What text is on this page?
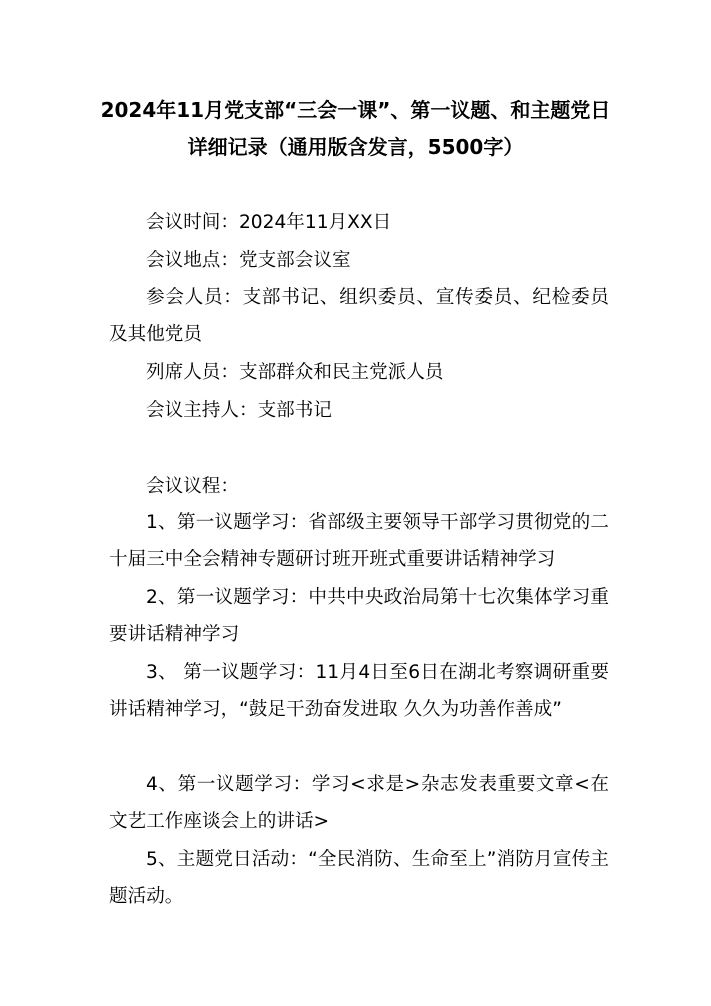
2024年11月党支部“三会一课”、第一议题、和主题党日
详细记录（通用版含发言，5500字）
会议时间：2024年11月XX日
会议地点：党支部会议室
参会人员：支部书记、组织委员、宣传委员、纪检委员及其他党员
列席人员：支部群众和民主党派人员
会议主持人：支部书记
会议议程：
1、第一议题学习：省部级主要领导干部学习贯彻党的二十届三中全会精神专题研讨班开班式重要讲话精神学习
2、第一议题学习：中共中央政治局第十七次集体学习重要讲话精神学习
3、 第一议题学习：11月4日至6日在湖北考察调研重要讲话精神学习，“鼓足干劲奋发进取 久久为功善作善成”
4、第一议题学习：学习<求是>杂志发表重要文章<在文艺工作座谈会上的讲话>
5、主题党日活动：“全民消防、生命至上”消防月宣传主题活动。
